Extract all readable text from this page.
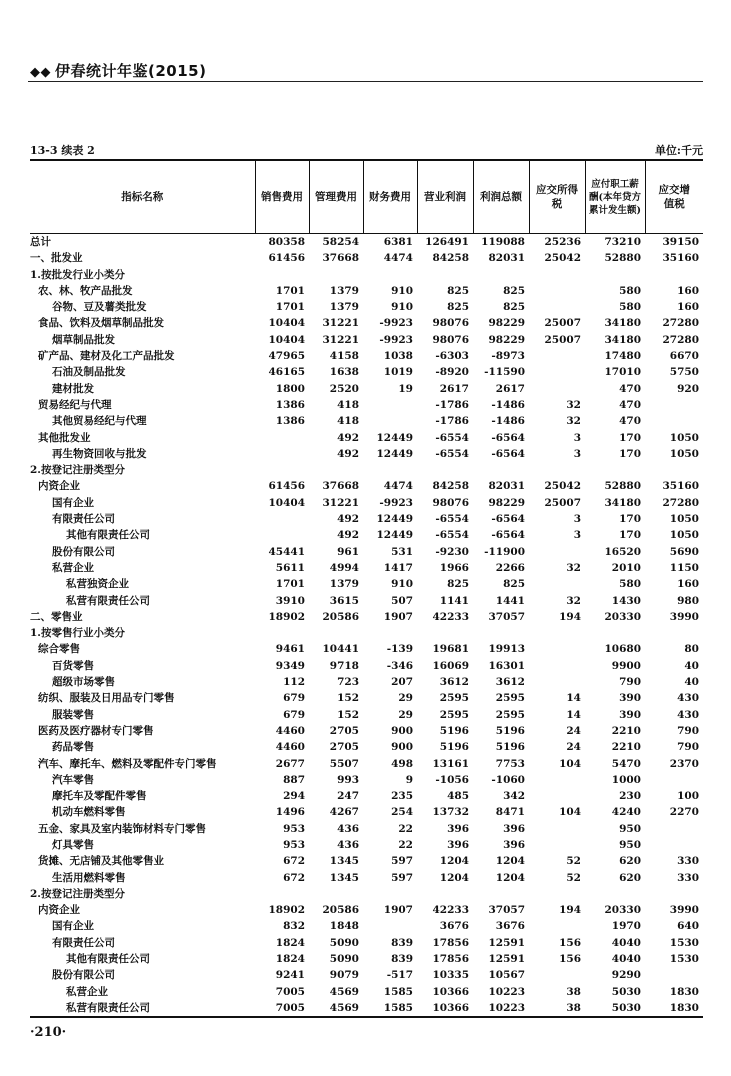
◆◆ 伊春统计年鉴(2015)
13-3 续表 2	单位:千元
指标名称	销售费用	管理费用	财务费用	营业利润	利润总额	应交所得税	应付职工薪酬(本年贷方累计发生额)	应交增值税
总计	80358	58254	6381	126491	119088	25236	73210	39150
一、批发业	61456	37668	4474	84258	82031	25042	52880	35160
1.按批发行业小类分								
农、林、牧产品批发	1701	1379	910	825	825		580	160
谷物、豆及薯类批发	1701	1379	910	825	825		580	160
食品、饮料及烟草制品批发	10404	31221	-9923	98076	98229	25007	34180	27280
烟草制品批发	10404	31221	-9923	98076	98229	25007	34180	27280
矿产品、建材及化工产品批发	47965	4158	1038	-6303	-8973		17480	6670
石油及制品批发	46165	1638	1019	-8920	-11590		17010	5750
建材批发	1800	2520	19	2617	2617		470	920
贸易经纪与代理	1386	418		-1786	-1486	32	470	
其他贸易经纪与代理	1386	418		-1786	-1486	32	470	
其他批发业		492	12449	-6554	-6564	3	170	1050
再生物资回收与批发		492	12449	-6554	-6564	3	170	1050
2.按登记注册类型分								
内资企业	61456	37668	4474	84258	82031	25042	52880	35160
国有企业	10404	31221	-9923	98076	98229	25007	34180	27280
有限责任公司		492	12449	-6554	-6564	3	170	1050
其他有限责任公司		492	12449	-6554	-6564	3	170	1050
股份有限公司	45441	961	531	-9230	-11900		16520	5690
私营企业	5611	4994	1417	1966	2266	32	2010	1150
私营独资企业	1701	1379	910	825	825		580	160
私营有限责任公司	3910	3615	507	1141	1441	32	1430	980
二、零售业	18902	20586	1907	42233	37057	194	20330	3990
1.按零售行业小类分								
综合零售	9461	10441	-139	19681	19913		10680	80
百货零售	9349	9718	-346	16069	16301		9900	40
超级市场零售	112	723	207	3612	3612		790	40
纺织、服装及日用品专门零售	679	152	29	2595	2595	14	390	430
服装零售	679	152	29	2595	2595	14	390	430
医药及医疗器材专门零售	4460	2705	900	5196	5196	24	2210	790
药品零售	4460	2705	900	5196	5196	24	2210	790
汽车、摩托车、燃料及零配件专门零售	2677	5507	498	13161	7753	104	5470	2370
汽车零售	887	993	9	-1056	-1060		1000	
摩托车及零配件零售	294	247	235	485	342		230	100
机动车燃料零售	1496	4267	254	13732	8471	104	4240	2270
五金、家具及室内装饰材料专门零售	953	436	22	396	396		950	
灯具零售	953	436	22	396	396		950	
货摊、无店铺及其他零售业	672	1345	597	1204	1204	52	620	330
生活用燃料零售	672	1345	597	1204	1204	52	620	330
2.按登记注册类型分								
内资企业	18902	20586	1907	42233	37057	194	20330	3990
国有企业	832	1848		3676	3676		1970	640
有限责任公司	1824	5090	839	17856	12591	156	4040	1530
其他有限责任公司	1824	5090	839	17856	12591	156	4040	1530
股份有限公司	9241	9079	-517	10335	10567		9290	
私营企业	7005	4569	1585	10366	10223	38	5030	1830
私营有限责任公司	7005	4569	1585	10366	10223	38	5030	1830
·210·
